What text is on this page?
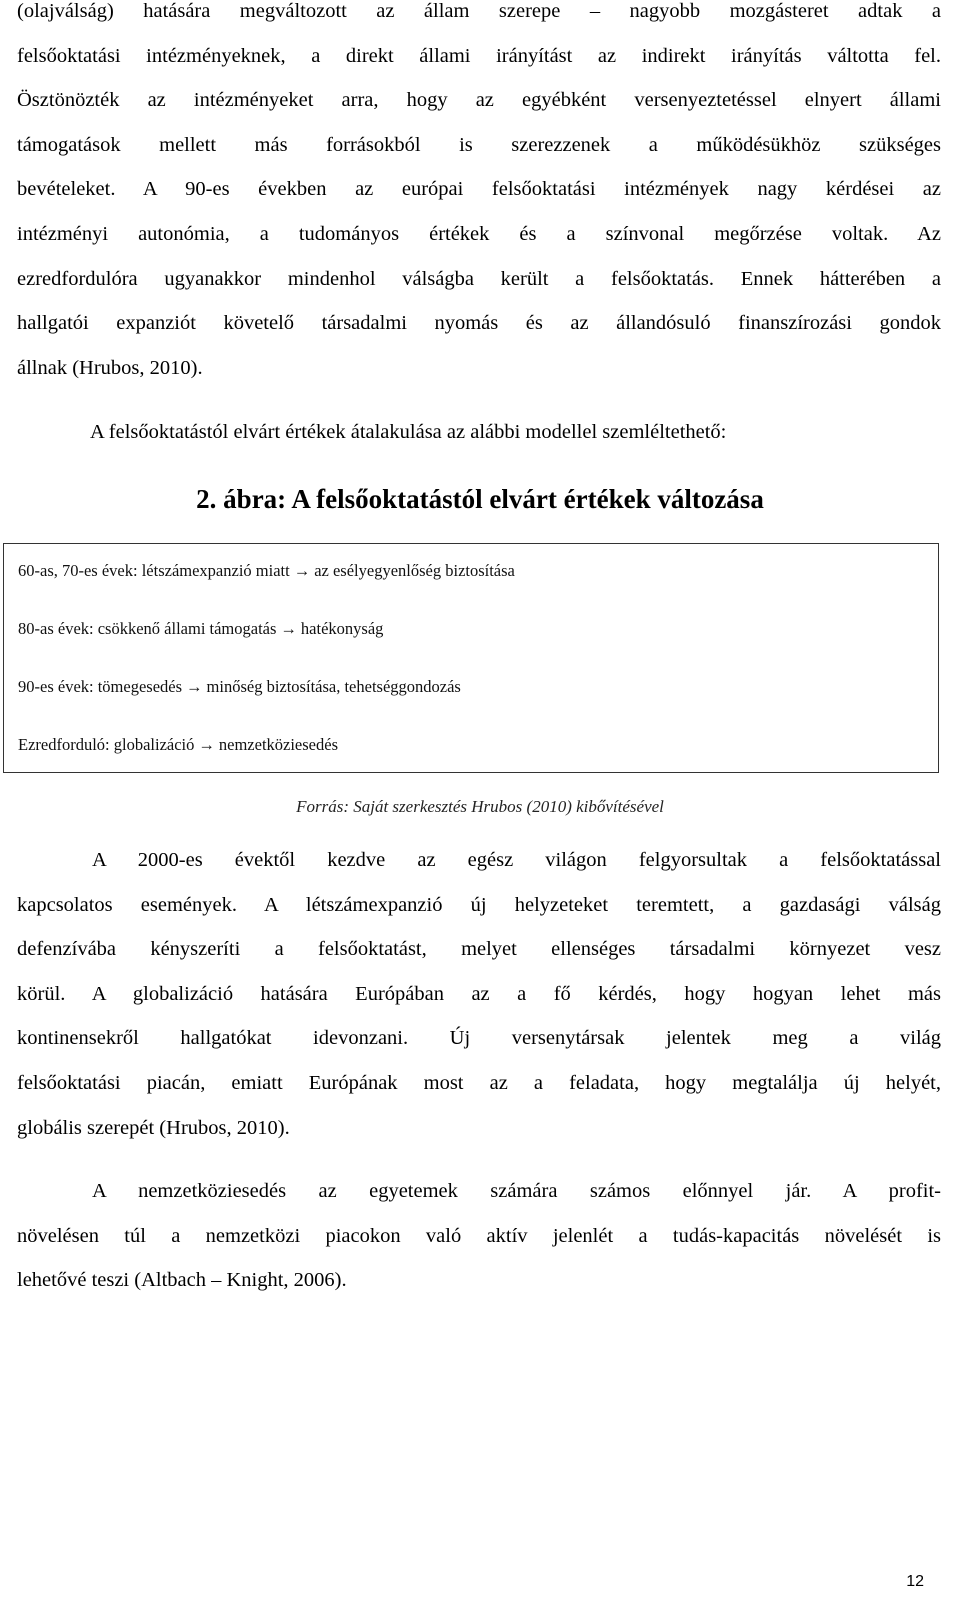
(olajválság) hatására megváltozott az állam szerepe – nagyobb mozgásteret adtak a
felsőoktatási intézményeknek, a direkt állami irányítást az indirekt irányítás váltotta fel.
Ösztönözték az intézményeket arra, hogy az egyébként versenyeztetéssel elnyert állami
támogatások mellett más forrásokból is szerezzenek a működésükhöz szükséges
bevételeket. A 90-es években az európai felsőoktatási intézmények nagy kérdései az
intézményi autonómia, a tudományos értékek és a színvonal megőrzése voltak. Az
ezredfordulóra ugyanakkor mindenhol válságba került a felsőoktatás. Ennek hátterében a
hallgatói expanziót követelő társadalmi nyomás és az állandósuló finanszírozási gondok
állnak (Hrubos, 2010).

A felsőoktatástól elvárt értékek átalakulása az alábbi modellel szemléltethető:

2. ábra: A felsőoktatástól elvárt értékek változása
60-as, 70-es évek: létszámexpanzió miatt → az esélyegyenlőség biztosítása
80-as évek: csökkenő állami támogatás → hatékonyság
90-es évek: tömegesedés → minőség biztosítása, tehetséggondozás
Ezredforduló: globalizáció → nemzetköziesedés

Forrás: Saját szerkesztés Hrubos (2010) kibővítésével

A 2000-es évektől kezdve az egész világon felgyorsultak a felsőoktatással
kapcsolatos események. A létszámexpanzió új helyzeteket teremtett, a gazdasági válság
defenzívába kényszeríti a felsőoktatást, melyet ellenséges társadalmi környezet vesz
körül. A globalizáció hatására Európában az a fő kérdés, hogy hogyan lehet más
kontinensekről hallgatókat idevonzani. Új versenytársak jelentek meg a világ
felsőoktatási piacán, emiatt Európának most az a feladata, hogy megtalálja új helyét,
globális szerepét (Hrubos, 2010).
A nemzetköziesedés az egyetemek számára számos előnnyel jár. A profit-
növelésen túl a nemzetközi piacokon való aktív jelenlét a tudás-kapacitás növelését is
lehetővé teszi (Altbach – Knight, 2006).

12
